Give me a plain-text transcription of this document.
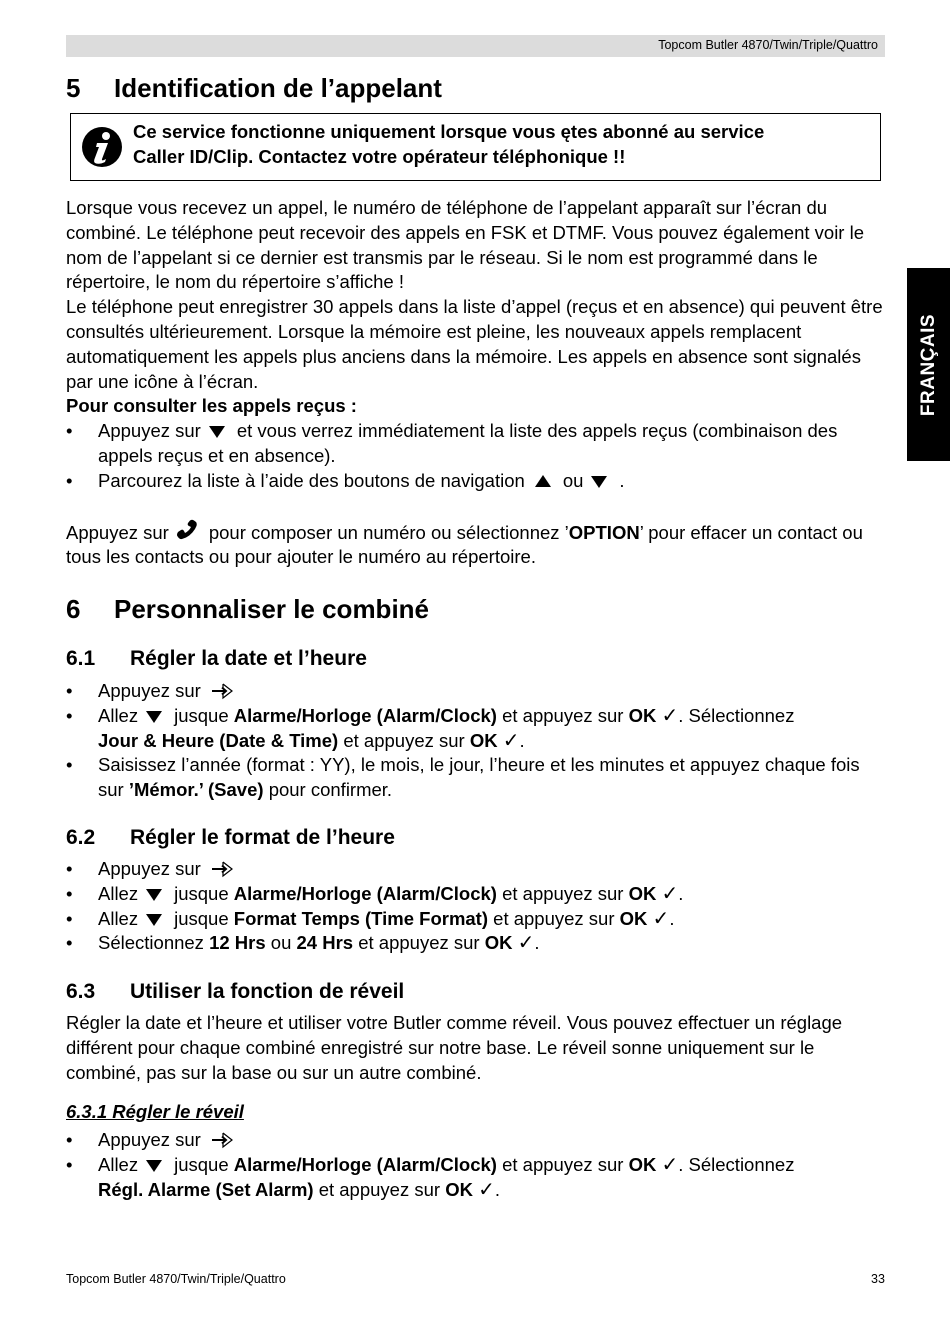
Topcom Butler 4870/Twin/Triple/Quattro
FRANÇAIS
5 Identification de l’appelant
Ce service fonctionne uniquement lorsque vous ętes abonné au service
Caller ID/Clip. Contactez votre opérateur téléphonique !!

Lorsque vous recevez un appel, le numéro de téléphone de l’appelant apparaît sur l’écran du combiné. Le téléphone peut recevoir des appels en FSK et DTMF. Vous pouvez également voir le nom de l’appelant si ce dernier est transmis par le réseau. Si le nom est programmé dans le répertoire, le nom du répertoire s’affiche !

Le téléphone peut enregistrer 30 appels dans la liste d’appel (reçus et en absence) qui peuvent être consultés ultérieurement. Lorsque la mémoire est pleine, les nouveaux appels remplacent automatiquement les appels plus anciens dans la mémoire. Les appels en absence sont signalés par une icône à l’écran.

Pour consulter les appels reçus :

• Appuyez sur et vous verrez immédiatement la liste des appels reçus (combinaison des appels reçus et en absence).
• Parcourez la liste à l’aide des boutons de navigation ou .

Appuyez sur pour composer un numéro ou sélectionnez ’OPTION’ pour effacer un contact ou tous les contacts ou pour ajouter le numéro au répertoire.

6 Personnaliser le combiné
6.1 Régler la date et l’heure
• Appuyez sur
• Allez jusque Alarme/Horloge (Alarm/Clock) et appuyez sur OK ✓. Sélectionnez
Jour & Heure (Date & Time) et appuyez sur OK ✓.
• Saisissez l’année (format : YY), le mois, le jour, l’heure et les minutes et appuyez chaque fois sur ’Mémor.’ (Save) pour confirmer.
6.2 Régler le format de l’heure
• Appuyez sur
• Allez jusque Alarme/Horloge (Alarm/Clock) et appuyez sur OK ✓.
• Allez jusque Format Temps (Time Format) et appuyez sur OK ✓.
• Sélectionnez 12 Hrs ou 24 Hrs et appuyez sur OK ✓.
6.3 Utiliser la fonction de réveil

Régler la date et l’heure et utiliser votre Butler comme réveil. Vous pouvez effectuer un réglage différent pour chaque combiné enregistré sur notre base. Le réveil sonne uniquement sur le combiné, pas sur la base ou sur un autre combiné.

6.3.1 Régler le réveil
• Appuyez sur
• Allez jusque Alarme/Horloge (Alarm/Clock) et appuyez sur OK ✓. Sélectionnez
Régl. Alarme (Set Alarm) et appuyez sur OK ✓.
Topcom Butler 4870/Twin/Triple/Quattro	33
